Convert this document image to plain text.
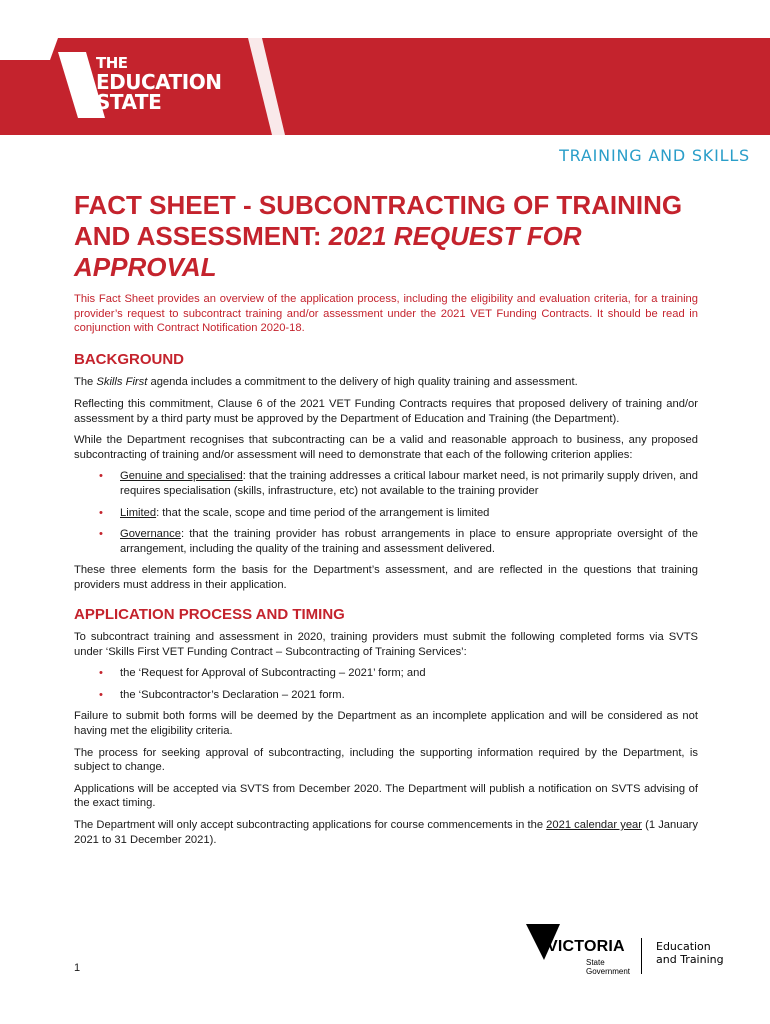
THE
EDUCATION
STATE
TRAINING AND SKILLS
FACT SHEET - SUBCONTRACTING OF TRAINING AND ASSESSMENT: 2021 REQUEST FOR APPROVAL

This Fact Sheet provides an overview of the application process, including the eligibility and evaluation criteria, for a training provider’s request to subcontract training and/or assessment under the 2021 VET Funding Contracts. It should be read in conjunction with Contract Notification 2020-18.

BACKGROUND

The Skills First agenda includes a commitment to the delivery of high quality training and assessment.

Reflecting this commitment, Clause 6 of the 2021 VET Funding Contracts requires that proposed delivery of training and/or assessment by a third party must be approved by the Department of Education and Training (the Department).

While the Department recognises that subcontracting can be a valid and reasonable approach to business, any proposed subcontracting of training and/or assessment will need to demonstrate that each of the following criterion applies:

• Genuine and specialised: that the training addresses a critical labour market need, is not primarily supply driven, and requires specialisation (skills, infrastructure, etc) not available to the training provider
• Limited: that the scale, scope and time period of the arrangement is limited
• Governance: that the training provider has robust arrangements in place to ensure appropriate oversight of the arrangement, including the quality of the training and assessment delivered.

These three elements form the basis for the Department’s assessment, and are reflected in the questions that training providers must address in their application.

APPLICATION PROCESS AND TIMING

To subcontract training and assessment in 2020, training providers must submit the following completed forms via SVTS under ‘Skills First VET Funding Contract – Subcontracting of Training Services’:

• the ‘Request for Approval of Subcontracting – 2021’ form; and
• the ‘Subcontractor’s Declaration – 2021 form.

Failure to submit both forms will be deemed by the Department as an incomplete application and will be considered as not having met the eligibility criteria.

The process for seeking approval of subcontracting, including the supporting information required by the Department, is subject to change.

Applications will be accepted via SVTS from December 2020. The Department will publish a notification on SVTS advising of the exact timing.

The Department will only accept subcontracting applications for course commencements in the 2021 calendar year (1 January 2021 to 31 December 2021).

1
VICTORIA
State
Government
Education
and Training
